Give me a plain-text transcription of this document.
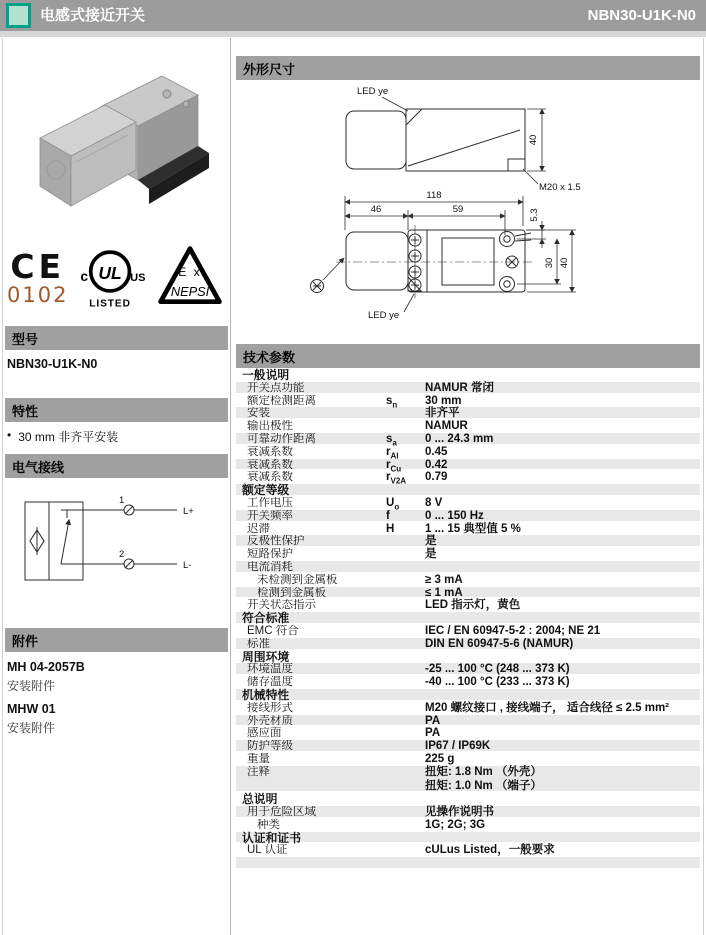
电感式接近开关	NBN30-U1K-N0
CE
0102
UL
c	US
LISTED
E x
NEPSI
型号
NBN30-U1K-N0
特性
• 30 mm 非齐平安装
电气接线
1
L+
2
L-
附件
MH 04-2057B
安装附件
MHW 01
安装附件
外形尺寸
LED ye
40
M20 x 1.5
118
46	59	5.3
30 40
LED ye
技术参数
一般说明
开关点功能	NAMUR 常闭
额定检测距离	$s_n$	30 mm
安装	非齐平
输出极性	NAMUR
可靠动作距离	$s_a$	0 ... 24.3 mm
衰减系数	$r_{Al}$	0.45
衰减系数	$r_{Cu}$	0.42
衰减系数	$r_{V2A}$	0.79
额定等级
工作电压	$U_o$	8 V
开关频率	f	0 ... 150 Hz
迟滞	H	1 ... 15 典型值 5 %
反极性保护	是
短路保护	是
电流消耗
未检测到金属板	≥ 3 mA
检测到金属板	≤ 1 mA
开关状态指示	LED 指示灯，黄色
符合标准
EMC 符合	IEC / EN 60947-5-2 : 2004; NE 21
标准	DIN EN 60947-5-6 (NAMUR)
周围环境
环境温度	-25 ... 100 °C (248 ... 373 K)
储存温度	-40 ... 100 °C (233 ... 373 K)
机械特性
接线形式	M20 螺纹接口 , 接线端子， 适合线径 ≤ 2.5 mm²
外壳材质	PA
感应面	PA
防护等级	IP67 / IP69K
重量	225 g
注释	扭矩: 1.8 Nm （外壳）
扭矩: 1.0 Nm （端子）
总说明
用于危险区域	见操作说明书
种类	1G; 2G; 3G
认证和证书
UL 认证	cULus Listed，一般要求
